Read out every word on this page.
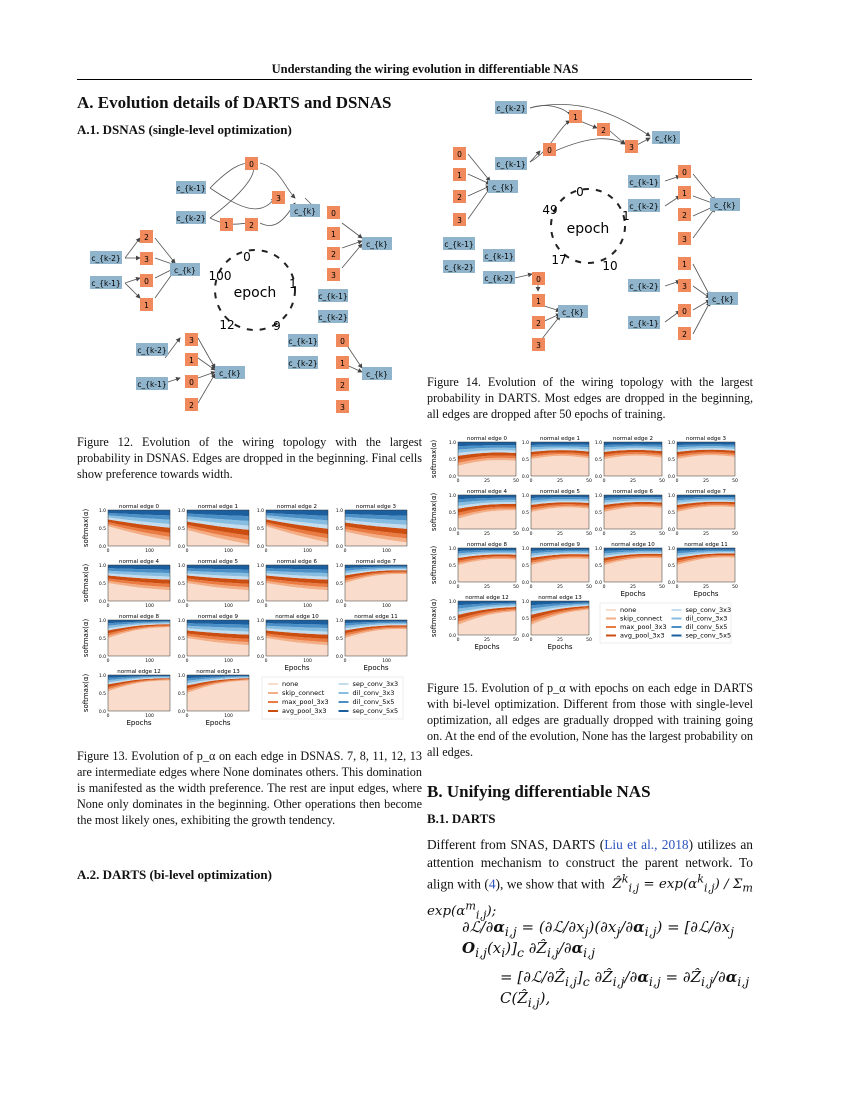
Understanding the wiring evolution in differentiable NAS
A. Evolution details of DARTS and DSNAS
A.1. DSNAS (single-level optimization)
c_{k-1}
c_{k-2}
c_{k}
c_{k-2}
c_{k-1}
c_{k}
c_{k}
c_{k-1}
c_{k-2}
c_{k-1}
c_{k-2}
c_{k}
c_{k-2}
c_{k-1}
c_{k}
0
3
1	2
2
3
0
1
0
1
2
3
3
1
0
2
0
1
2
3
epoch
0
1
9
12
100
Figure 12. Evolution of the wiring topology with the largest probability in DSNAS. Edges are dropped in the beginning. Final cells show preference towards width.
softmax(α)
softmax(α)
softmax(α)
softmax(α)
normal edge 0
0.0
0.5
1.0
0	100
normal edge 1
0.0
0.5
1.0
0	100
normal edge 2
0.0
0.5
1.0
0	100
normal edge 3
0.0
0.5
1.0
0	100
normal edge 4
0.0
0.5
1.0
0	100
normal edge 5
0.0
0.5
1.0
0	100
normal edge 6
0.0
0.5
1.0
0	100
normal edge 7
0.0
0.5
1.0
0	100
normal edge 8
0.0
0.5
1.0
0	100
normal edge 9
0.0
0.5
1.0
0	100
normal edge 10
0.0
0.5
1.0
0	100
normal edge 11
0.0
0.5
1.0
0	100
normal edge 12
0.0
0.5
1.0
0	100
normal edge 13
0.0
0.5
1.0
0	100
Epochs	Epochs
Epochs	Epochs
none
skip_connect
max_pool_3x3
avg_pool_3x3
sep_conv_3x3
dil_conv_3x3
dil_conv_5x5
sep_conv_5x5
Figure 13. Evolution of p_α on each edge in DSNAS. 7, 8, 11, 12, 13 are intermediate edges where None dominates others. This domination is manifested as the width preference. The rest are input edges, where None only dominates in the beginning. Other operations then become the most likely ones, exhibiting the growth tendency.
A.2. DARTS (bi-level optimization)
c_{k-2}
c_{k-1}
c_{k}
c_{k}
c_{k-1}
c_{k-2}	c_{k}
c_{k-1}
c_{k-2}
c_{k-1}
c_{k-2}
c_{k}
c_{k-2}
c_{k-1}
c_{k}
1
2
0	3
0
1
2
3
0
1
2
3
0
1
2
3
1
3
0
2
epoch
0
1
10
17
49
Figure 14. Evolution of the wiring topology with the largest probability in DARTS. Most edges are dropped in the beginning, all edges are dropped after 50 epochs of training.
softmax(α)
softmax(α)
softmax(α)
softmax(α)
normal edge 0
0.0
0.5
1.0
0	25	50
normal edge 1
0.0
0.5
1.0
0	25	50
normal edge 2
0.0
0.5
1.0
0	25	50
normal edge 3
0.0
0.5
1.0
0	25	50
normal edge 4
0.0
0.5
1.0
0	25	50
normal edge 5
0.0
0.5
1.0
0	25	50
normal edge 6
0.0
0.5
1.0
0	25	50
normal edge 7
0.0
0.5
1.0
0	25	50
normal edge 8
0.0
0.5
1.0
0	25	50
normal edge 9
0.0
0.5
1.0
0	25	50
normal edge 10
0.0
0.5
1.0
0	25	50
normal edge 11
0.0
0.5
1.0
0	25	50
normal edge 12
0.0
0.5
1.0
0	25	50
normal edge 13
0.0
0.5
1.0
0	25	50
Epochs	Epochs
Epochs	Epochs
none
skip_connect
max_pool_3x3
avg_pool_3x3
sep_conv_3x3
dil_conv_3x3
dil_conv_5x5
sep_conv_5x5
Figure 15. Evolution of p_α with epochs on each edge in DARTS with bi-level optimization. Different from those with single-level optimization, all edges are gradually dropped with training going on. At the end of the evolution, None has the largest probability on all edges.
B. Unifying differentiable NAS
B.1. DARTS
Different from SNAS, DARTS (Liu et al., 2018) utilizes an attention mechanism to construct the parent network. To align with (4), we show that with  Ẑ$^k_{i,j}$ = $\exp(\alpha^k_{i,j}) / \Sigma_m$ $\exp(\alpha^m_{i,j})$;
$\partial ℒ/\partial\alpha_{i,j}$ = $(\partial ℒ/\partial x_j)(\partial x_j/\partial\alpha_{i,j})$ = [$\partial ℒ/\partial x_j$ $O_{i,j}(x_i)]_c$ $\partial Ẑ_{i,j}/\partial\alpha_{i,j}$
= $[\partial ℒ/\partial Ẑ_{i,j}]_c$ $\partial Ẑ_{i,j}/\partial\alpha_{i,j}$ = $\partial Ẑ_{i,j}/\partial\alpha_{i,j}$ C(Ẑ$_{i,j}$),
